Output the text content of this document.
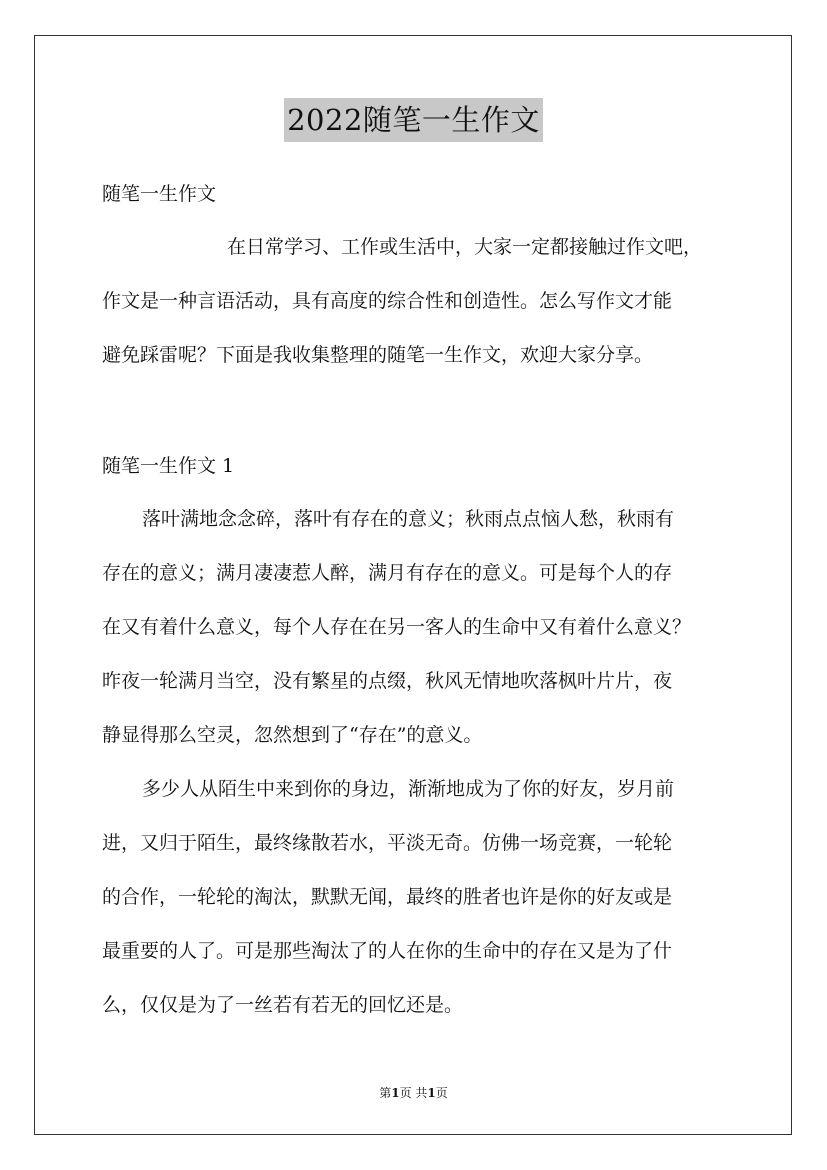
2022随笔一生作文
随笔一生作文

在日常学习、工作或生活中，大家一定都接触过作文吧，

作文是一种言语活动，具有高度的综合性和创造性。怎么写作文才能

避免踩雷呢？下面是我收集整理的随笔一生作文，欢迎大家分享。

随笔一生作文 1

落叶满地念念碎，落叶有存在的意义；秋雨点点恼人愁，秋雨有

存在的意义；满月凄凄惹人醉，满月有存在的意义。可是每个人的存

在又有着什么意义，每个人存在在另一客人的生命中又有着什么意义？

昨夜一轮满月当空，没有繁星的点缀，秋风无情地吹落枫叶片片，夜

静显得那么空灵，忽然想到了“存在”的意义。

多少人从陌生中来到你的身边，渐渐地成为了你的好友，岁月前

进，又归于陌生，最终缘散若水，平淡无奇。仿佛一场竞赛，一轮轮

的合作，一轮轮的淘汰，默默无闻，最终的胜者也许是你的好友或是

最重要的人了。可是那些淘汰了的人在你的生命中的存在又是为了什

么，仅仅是为了一丝若有若无的回忆还是。

第1页 共1页
